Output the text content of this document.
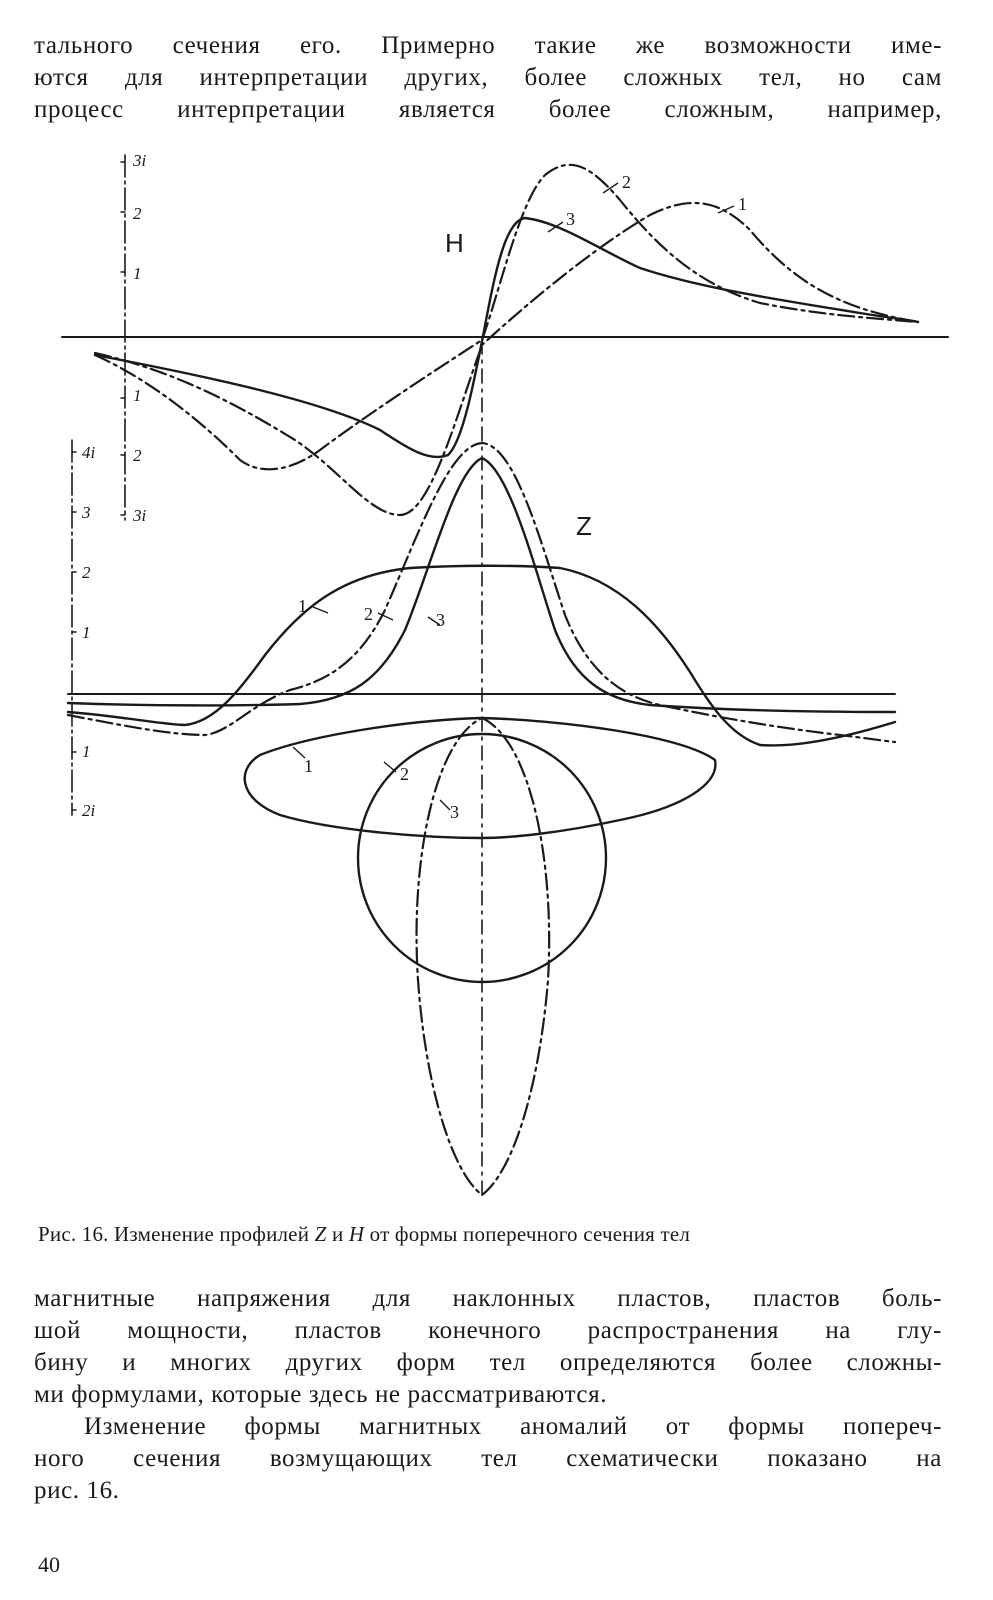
тального сечения его. Примерно такие же возможности име-
ются для интерпретации других, более сложных тел, но сам
процесс интерпретации является более сложным, например,
3i
2
1
1
2
3i
4i
3
2
1
1
2i
H
Z
2
3
1
1	2	3
1	2
3
Рис. 16. Изменение профилей Z и H от формы поперечного сечения тел
магнитные напряжения для наклонных пластов, пластов боль-
шой мощности, пластов конечного распространения на глу-
бину и многих других форм тел определяются более сложны-
ми формулами, которые здесь не рассматриваются.
Изменение формы магнитных аномалий от формы попереч-
ного сечения возмущающих тел схематически показано на
рис. 16.
40
